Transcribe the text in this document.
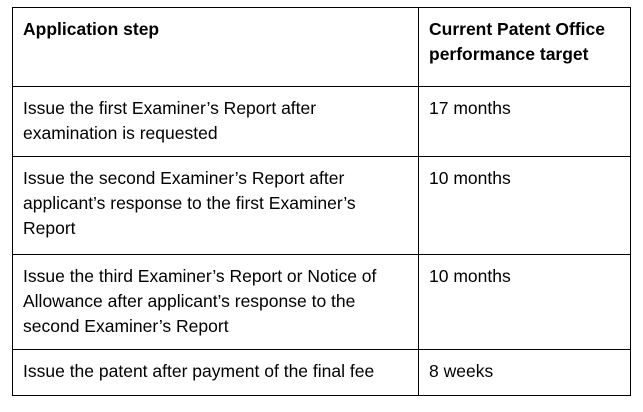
Application step	Current Patent Office performance target
Issue the first Examiner’s Report after examination is requested	17 months
Issue the second Examiner’s Report after applicant’s response to the first Examiner’s Report	10 months
Issue the third Examiner’s Report or Notice of Allowance after applicant’s response to the second Examiner’s Report	10 months
Issue the patent after payment of the final fee	8 weeks
